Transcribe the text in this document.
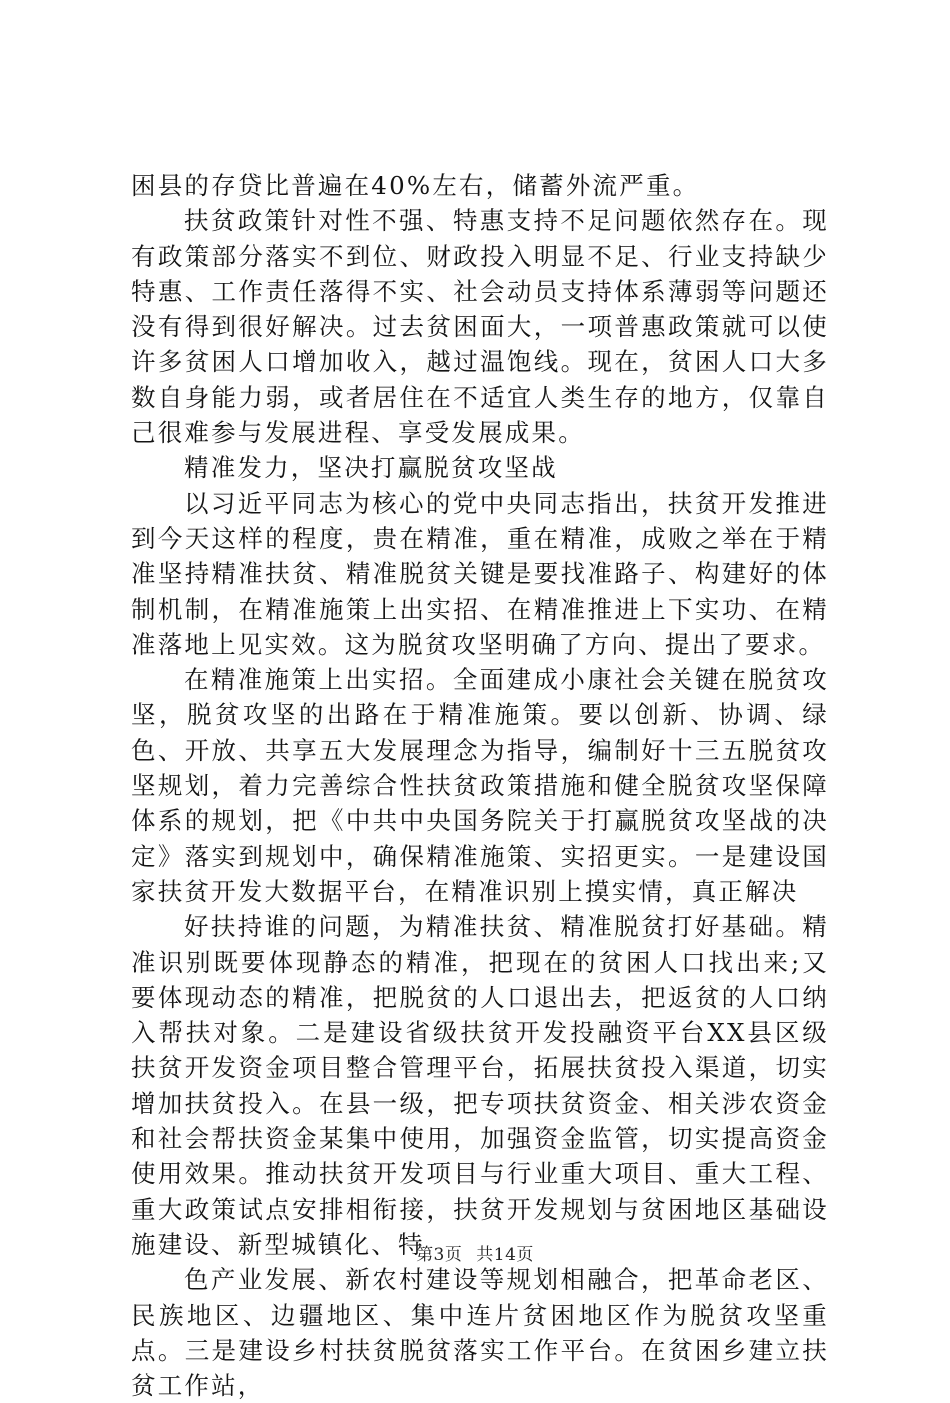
困县的存贷比普遍在40%左右，储蓄外流严重。

扶贫政策针对性不强、特惠支持不足问题依然存在。现有政策部分落实不到位、财政投入明显不足、行业支持缺少特惠、工作责任落得不实、社会动员支持体系薄弱等问题还没有得到很好解决。过去贫困面大，一项普惠政策就可以使许多贫困人口增加收入，越过温饱线。现在，贫困人口大多数自身能力弱，或者居住在不适宜人类生存的地方，仅靠自己很难参与发展进程、享受发展成果。

精准发力，坚决打赢脱贫攻坚战

以习近平同志为核心的党中央同志指出，扶贫开发推进到今天这样的程度，贵在精准，重在精准，成败之举在于精准坚持精准扶贫、精准脱贫关键是要找准路子、构建好的体制机制，在精准施策上出实招、在精准推进上下实功、在精准落地上见实效。这为脱贫攻坚明确了方向、提出了要求。

在精准施策上出实招。全面建成小康社会关键在脱贫攻坚，脱贫攻坚的出路在于精准施策。要以创新、协调、绿色、开放、共享五大发展理念为指导，编制好十三五脱贫攻坚规划，着力完善综合性扶贫政策措施和健全脱贫攻坚保障体系的规划，把《中共中央国务院关于打赢脱贫攻坚战的决定》落实到规划中，确保精准施策、实招更实。一是建设国家扶贫开发大数据平台，在精准识别上摸实情，真正解决

好扶持谁的问题，为精准扶贫、精准脱贫打好基础。精准识别既要体现静态的精准，把现在的贫困人口找出来;又要体现动态的精准，把脱贫的人口退出去，把返贫的人口纳入帮扶对象。二是建设省级扶贫开发投融资平台XX县区级扶贫开发资金项目整合管理平台，拓展扶贫投入渠道，切实增加扶贫投入。在县一级，把专项扶贫资金、相关涉农资金和社会帮扶资金某集中使用，加强资金监管，切实提高资金使用效果。推动扶贫开发项目与行业重大项目、重大工程、重大政策试点安排相衔接，扶贫开发规划与贫困地区基础设施建设、新型城镇化、特

色产业发展、新农村建设等规划相融合，把革命老区、民族地区、边疆地区、集中连片贫困地区作为脱贫攻坚重点。三是建设乡村扶贫脱贫落实工作平台。在贫困乡建立扶贫工作站，

第3页 共14页
